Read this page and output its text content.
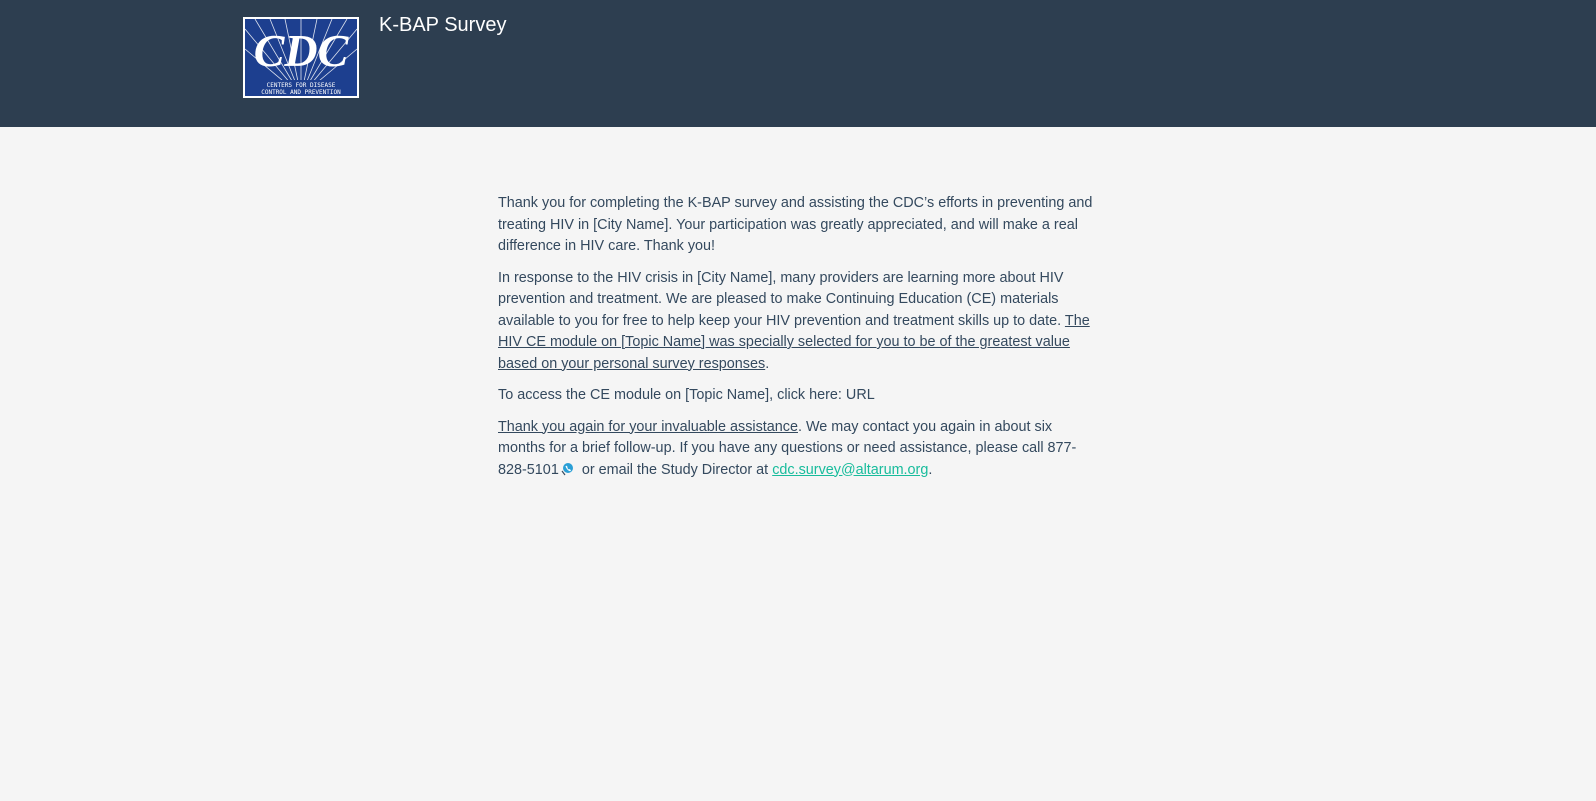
CDC
CENTERS FOR DISEASE
CONTROL AND PREVENTION
K-BAP Survey

Thank you for completing the K-BAP survey and assisting the CDC’s efforts in preventing and treating HIV in [City Name]. Your participation was greatly appreciated, and will make a real difference in HIV care. Thank you!

In response to the HIV crisis in [City Name], many providers are learning more about HIV prevention and treatment. We are pleased to make Continuing Education (CE) materials available to you for free to help keep your HIV prevention and treatment skills up to date. The HIV CE module on [Topic Name] was specially selected for you to be of the greatest value based on your personal survey responses.

To access the CE module on [Topic Name], click here: URL

Thank you again for your invaluable assistance. We may contact you again in about six months for a brief follow-up. If you have any questions or need assistance, please call 877-828-5101 or email the Study Director at cdc.survey@altarum.org.
